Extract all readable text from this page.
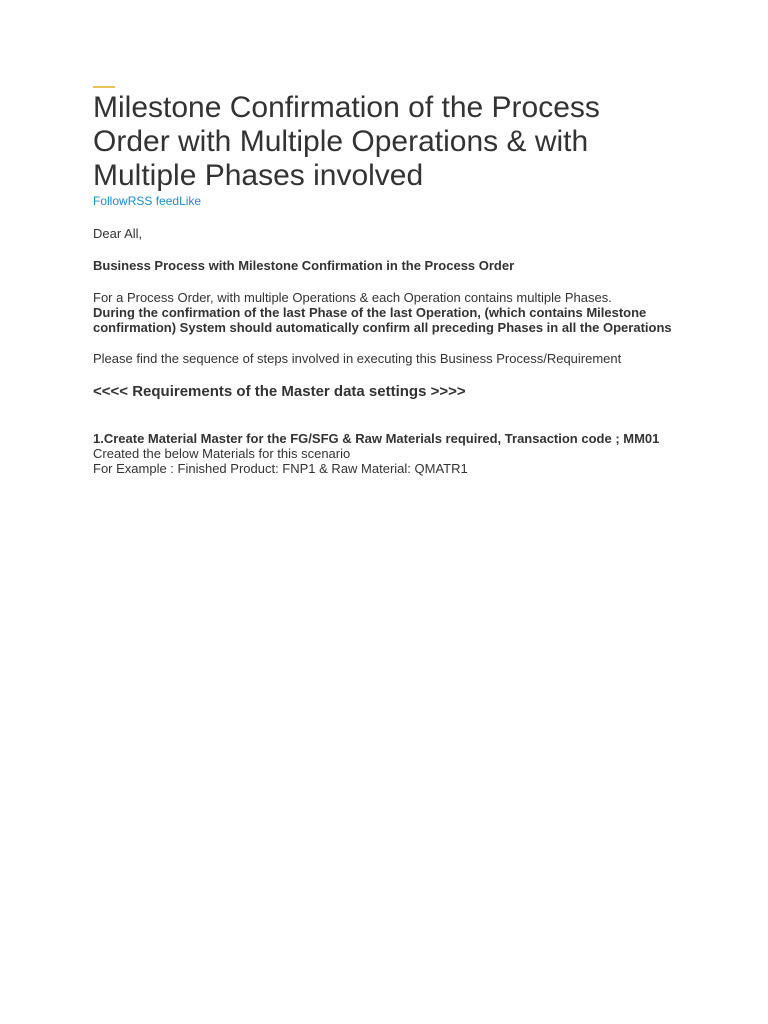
Milestone Confirmation of the Process Order with Multiple Operations & with Multiple Phases involved
FollowRSS feedLike

Dear All,

Business Process with Milestone Confirmation in the Process Order

For a Process Order, with multiple Operations & each Operation contains multiple Phases.

During the confirmation of the last Phase of the last Operation, (which contains Milestone confirmation) System should automatically confirm all preceding Phases in all the Operations

Please find the sequence of steps involved in executing this Business Process/Requirement

<<<< Requirements of the Master data settings >>>>

1.Create Material Master for the FG/SFG & Raw Materials required, Transaction code ; MM01

Created the below Materials for this scenario

For Example : Finished Product: FNP1 & Raw Material: QMATR1
